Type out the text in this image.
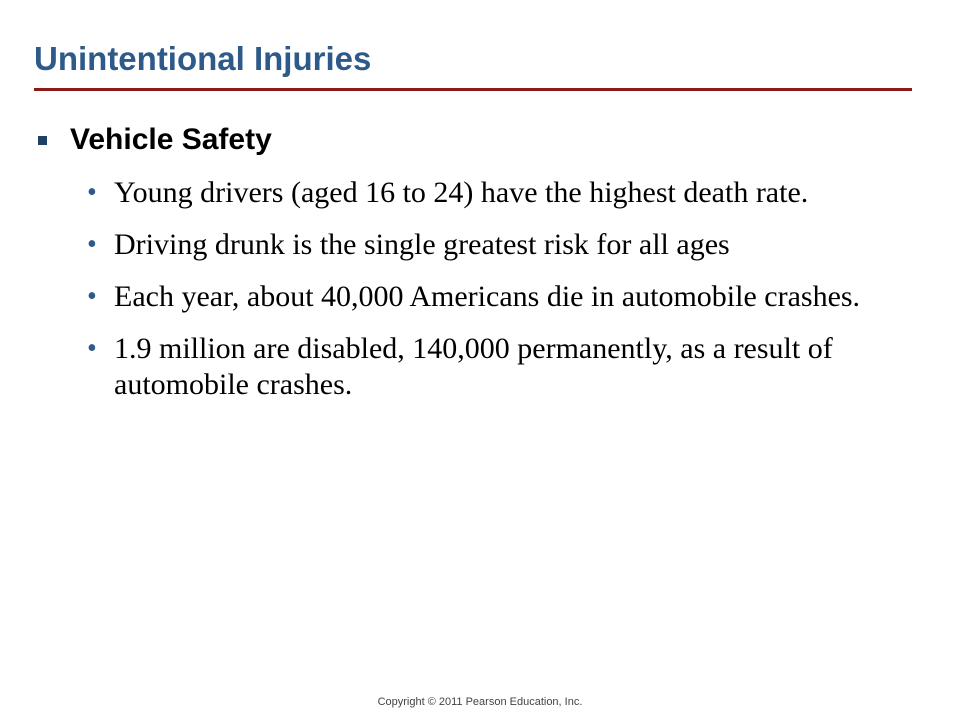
Unintentional Injuries
Vehicle Safety
• Young drivers (aged 16 to 24) have the highest death rate.
• Driving drunk is the single greatest risk for all ages
• Each year, about 40,000 Americans die in automobile crashes.
• 1.9 million are disabled, 140,000 permanently, as a result of automobile crashes.
Copyright © 2011 Pearson Education, Inc.
